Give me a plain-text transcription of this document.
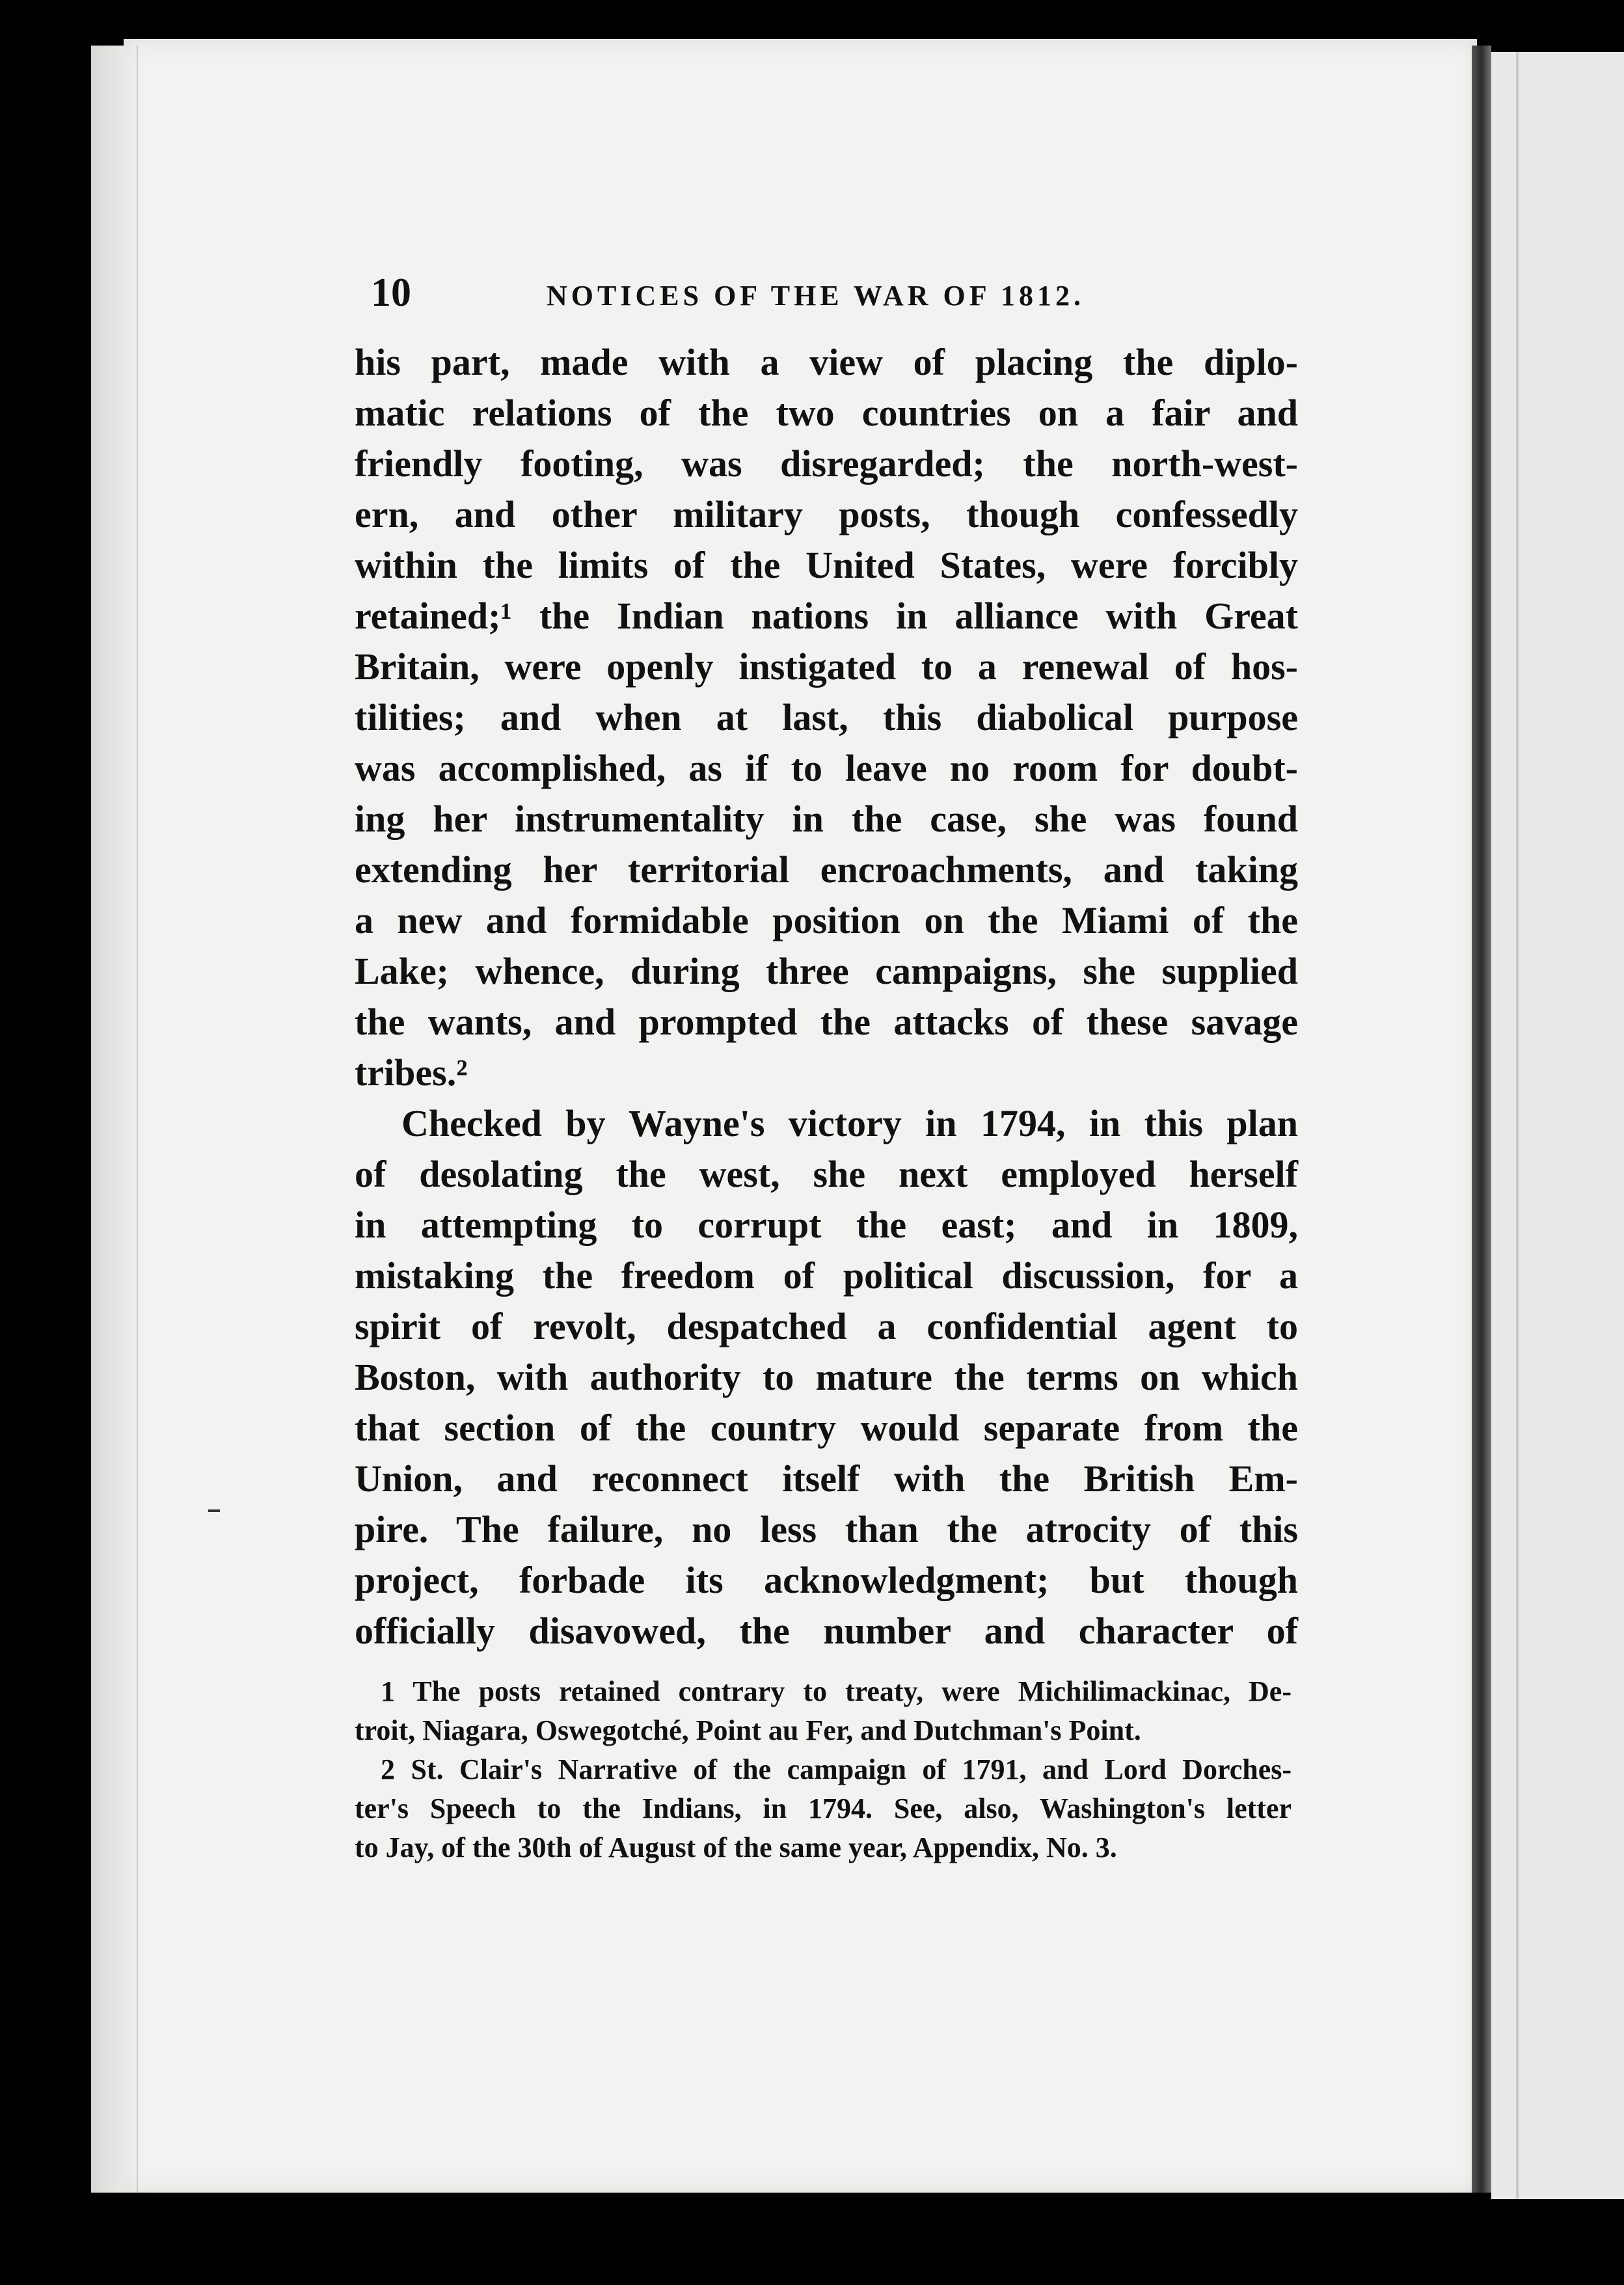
10	NOTICES OF THE WAR OF 1812.
his part, made with a view of placing the diplo-
matic relations of the two countries on a fair and
friendly footing, was disregarded; the north-west-
ern, and other military posts, though confessedly
within the limits of the United States, were forcibly
retained;¹ the Indian nations in alliance with Great
Britain, were openly instigated to a renewal of hos-
tilities; and when at last, this diabolical purpose
was accomplished, as if to leave no room for doubt-
ing her instrumentality in the case, she was found
extending her territorial encroachments, and taking
a new and formidable position on the Miami of the
Lake; whence, during three campaigns, she supplied
the wants, and prompted the attacks of these savage
tribes.²
Checked by Wayne's victory in 1794, in this plan
of desolating the west, she next employed herself
in attempting to corrupt the east; and in 1809,
mistaking the freedom of political discussion, for a
spirit of revolt, despatched a confidential agent to
Boston, with authority to mature the terms on which
that section of the country would separate from the
Union, and reconnect itself with the British Em-
pire. The failure, no less than the atrocity of this
project, forbade its acknowledgment; but though
officially disavowed, the number and character of
1 The posts retained contrary to treaty, were Michilimackinac, De-
troit, Niagara, Oswegotché, Point au Fer, and Dutchman's Point.
2 St. Clair's Narrative of the campaign of 1791, and Lord Dorches-
ter's Speech to the Indians, in 1794. See, also, Washington's letter
to Jay, of the 30th of August of the same year, Appendix, No. 3.
